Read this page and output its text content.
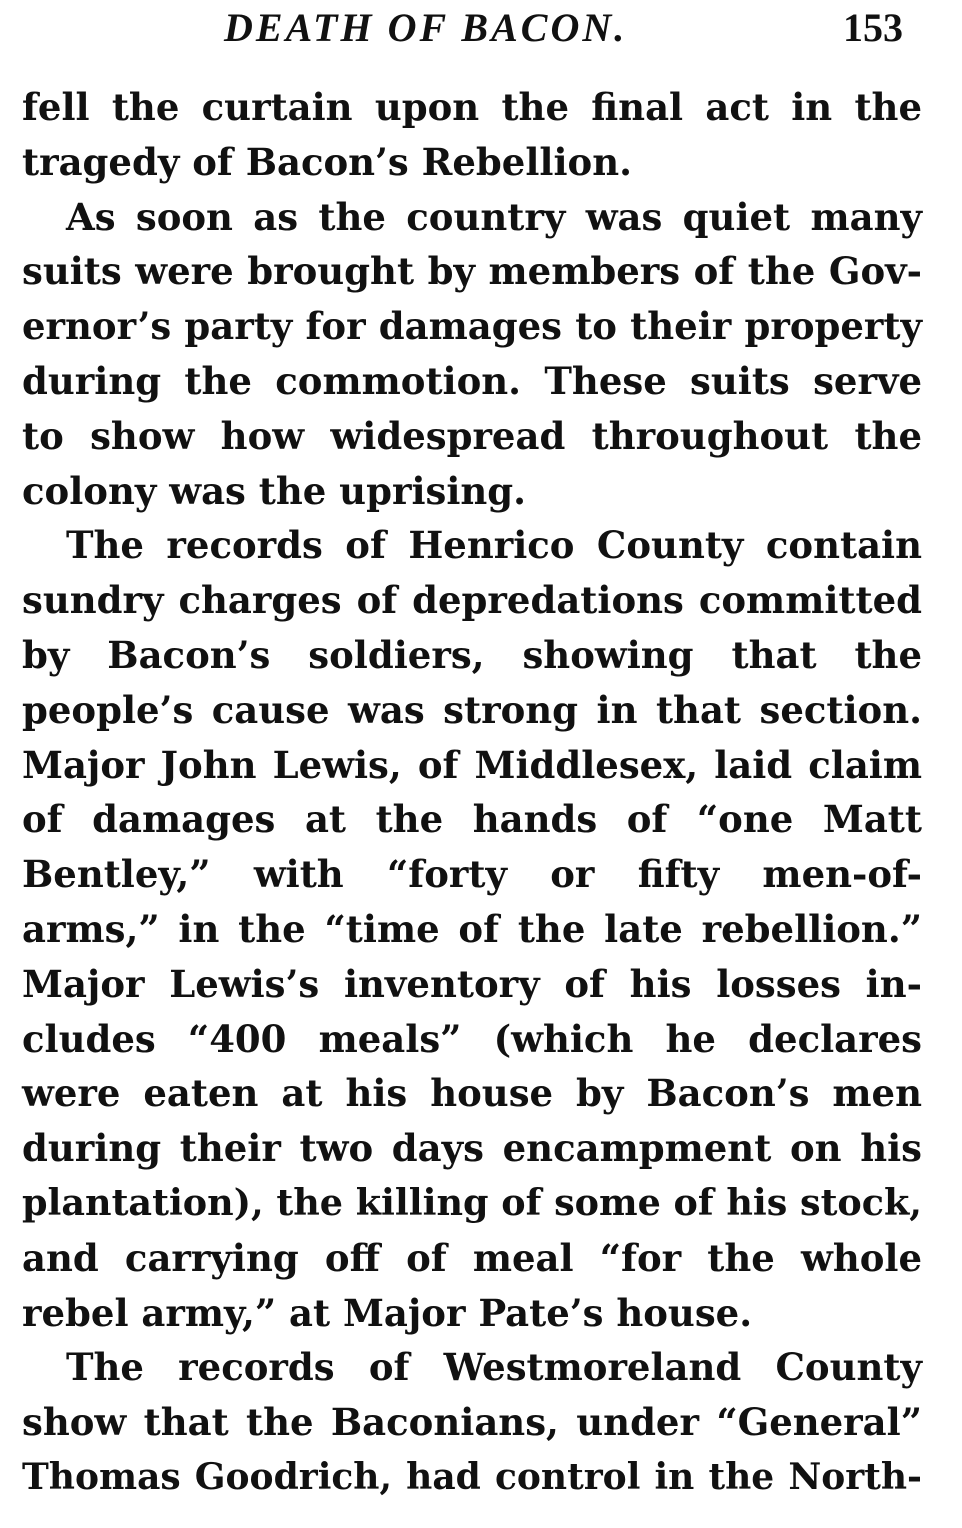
DEATH OF BACON.	153
fell the curtain upon the final act in the
tragedy of Bacon’s Rebellion.
As soon as the country was quiet many
suits were brought by members of the Gov-
ernor’s party for damages to their property
during the commotion. These suits serve
to show how widespread throughout the
colony was the uprising.
The records of Henrico County contain
sundry charges of depredations committed
by Bacon’s soldiers, showing that the
people’s cause was strong in that section.
Major John Lewis, of Middlesex, laid claim
of damages at the hands of “one Matt
Bentley,” with “forty or fifty men-of-
arms,” in the “time of the late rebellion.”
Major Lewis’s inventory of his losses in-
cludes “400 meals” (which he declares
were eaten at his house by Bacon’s men
during their two days encampment on his
plantation), the killing of some of his stock,
and carrying off of meal “for the whole
rebel army,” at Major Pate’s house.
The records of Westmoreland County
show that the Baconians, under “General”
Thomas Goodrich, had control in the North-
